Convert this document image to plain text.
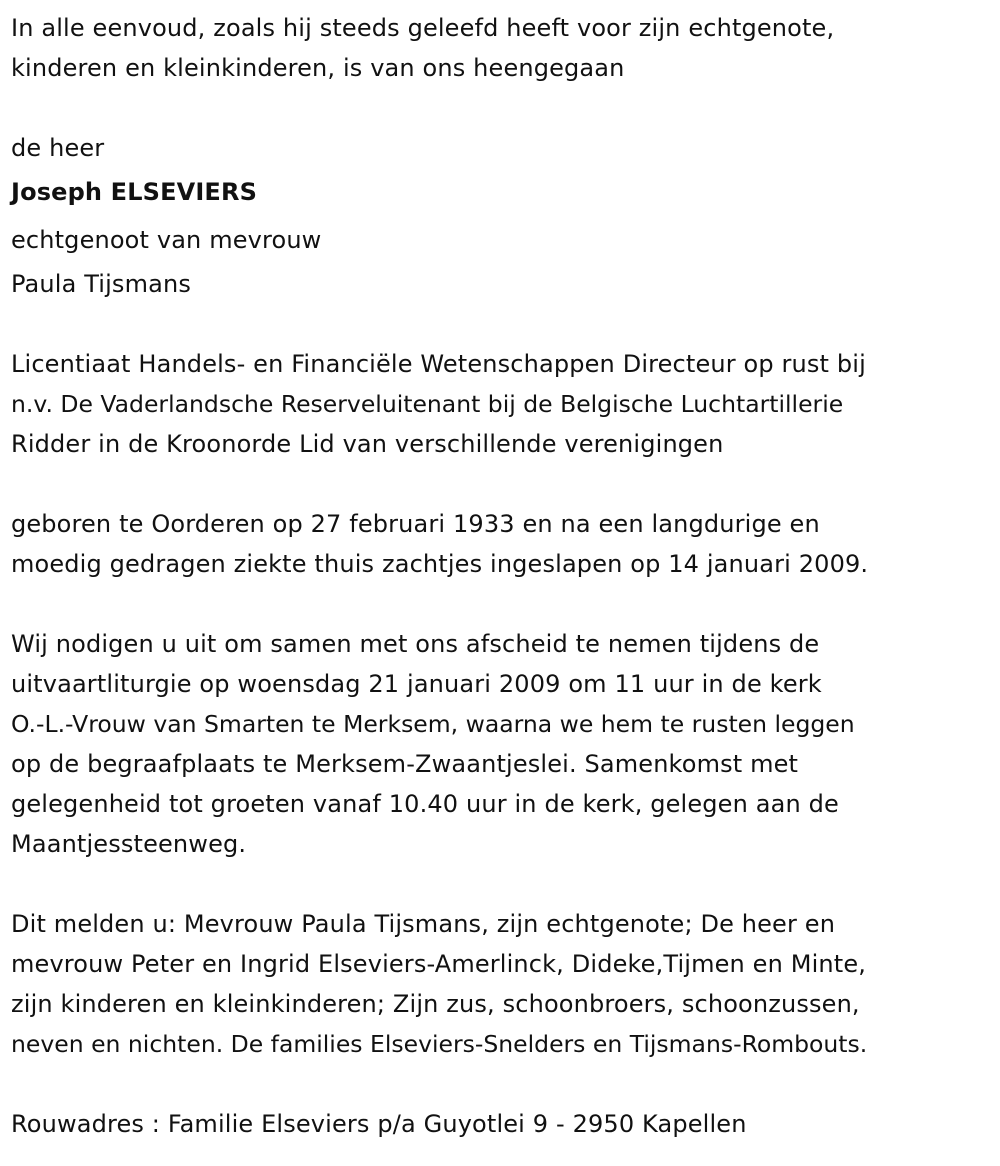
In alle eenvoud, zoals hij steeds geleefd heeft voor zijn echtgenote,
kinderen en kleinkinderen, is van ons heengegaan
de heer
Joseph ELSEVIERS
echtgenoot van mevrouw
Paula Tijsmans
Licentiaat Handels- en Financiële Wetenschappen Directeur op rust bij
n.v. De Vaderlandsche Reserveluitenant bij de Belgische Luchtartillerie
Ridder in de Kroonorde Lid van verschillende verenigingen
geboren te Oorderen op 27 februari 1933 en na een langdurige en
moedig gedragen ziekte thuis zachtjes ingeslapen op 14 januari 2009.
Wij nodigen u uit om samen met ons afscheid te nemen tijdens de
uitvaartliturgie op woensdag 21 januari 2009 om 11 uur in de kerk
O.-L.-Vrouw van Smarten te Merksem, waarna we hem te rusten leggen
op de begraafplaats te Merksem-Zwaantjeslei. Samenkomst met
gelegenheid tot groeten vanaf 10.40 uur in de kerk, gelegen aan de
Maantjessteenweg.
Dit melden u: Mevrouw Paula Tijsmans, zijn echtgenote; De heer en
mevrouw Peter en Ingrid Elseviers-Amerlinck, Dideke,Tijmen en Minte,
zijn kinderen en kleinkinderen; Zijn zus, schoonbroers, schoonzussen,
neven en nichten. De families Elseviers-Snelders en Tijsmans-Rombouts.
Rouwadres : Familie Elseviers p/a Guyotlei 9 - 2950 Kapellen
